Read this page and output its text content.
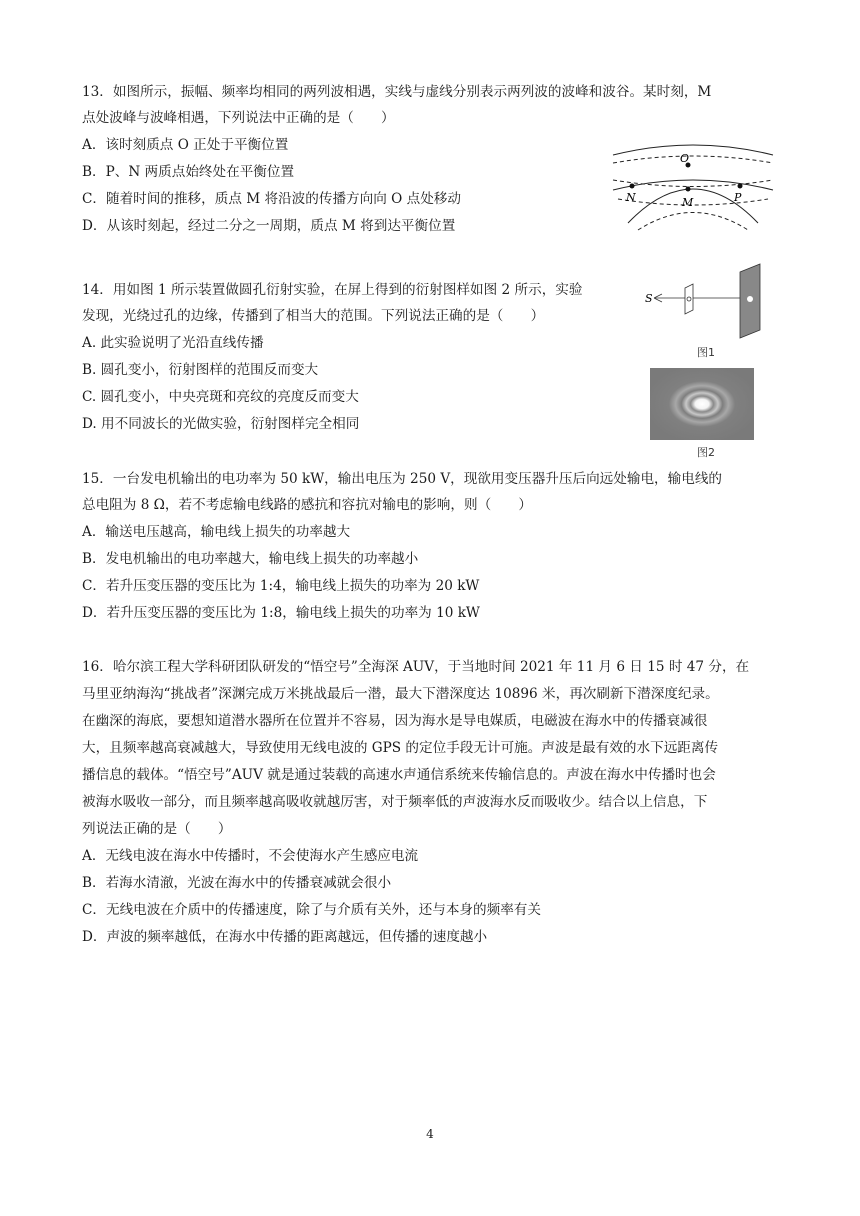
13．如图所示，振幅、频率均相同的两列波相遇，实线与虚线分别表示两列波的波峰和波谷。某时刻，M
点处波峰与波峰相遇，下列说法中正确的是（　　）
A．该时刻质点 O 正处于平衡位置
B．P、N 两质点始终处在平衡位置
C．随着时间的推移，质点 M 将沿波的传播方向向 O 点处移动
D．从该时刻起，经过二分之一周期，质点 M 将到达平衡位置
O
N	M	P
14．用如图 1 所示装置做圆孔衍射实验，在屏上得到的衍射图样如图 2 所示，实验
发现，光绕过孔的边缘，传播到了相当大的范围。下列说法正确的是（　　）
A. 此实验说明了光沿直线传播
B. 圆孔变小，衍射图样的范围反而变大
C. 圆孔变小，中央亮斑和亮纹的亮度反而变大
D. 用不同波长的光做实验，衍射图样完全相同
S
图1
图2
15．一台发电机输出的电功率为 50 kW，输出电压为 250 V，现欲用变压器升压后向远处输电，输电线的
总电阻为 8 Ω，若不考虑输电线路的感抗和容抗对输电的影响，则（　　）
A．输送电压越高，输电线上损失的功率越大
B．发电机输出的电功率越大，输电线上损失的功率越小
C．若升压变压器的变压比为 1:4，输电线上损失的功率为 20 kW
D．若升压变压器的变压比为 1:8，输电线上损失的功率为 10 kW
16．哈尔滨工程大学科研团队研发的“悟空号”全海深 AUV，于当地时间 2021 年 11 月 6 日 15 时 47 分，在
马里亚纳海沟“挑战者”深渊完成万米挑战最后一潜，最大下潜深度达 10896 米，再次刷新下潜深度纪录。
在幽深的海底，要想知道潜水器所在位置并不容易，因为海水是导电媒质，电磁波在海水中的传播衰减很
大，且频率越高衰减越大，导致使用无线电波的 GPS 的定位手段无计可施。声波是最有效的水下远距离传
播信息的载体。“悟空号”AUV 就是通过装载的高速水声通信系统来传输信息的。声波在海水中传播时也会
被海水吸收一部分，而且频率越高吸收就越厉害，对于频率低的声波海水反而吸收少。结合以上信息，下
列说法正确的是（　　）
A．无线电波在海水中传播时，不会使海水产生感应电流
B．若海水清澈，光波在海水中的传播衰减就会很小
C．无线电波在介质中的传播速度，除了与介质有关外，还与本身的频率有关
D．声波的频率越低，在海水中传播的距离越远，但传播的速度越小
4
